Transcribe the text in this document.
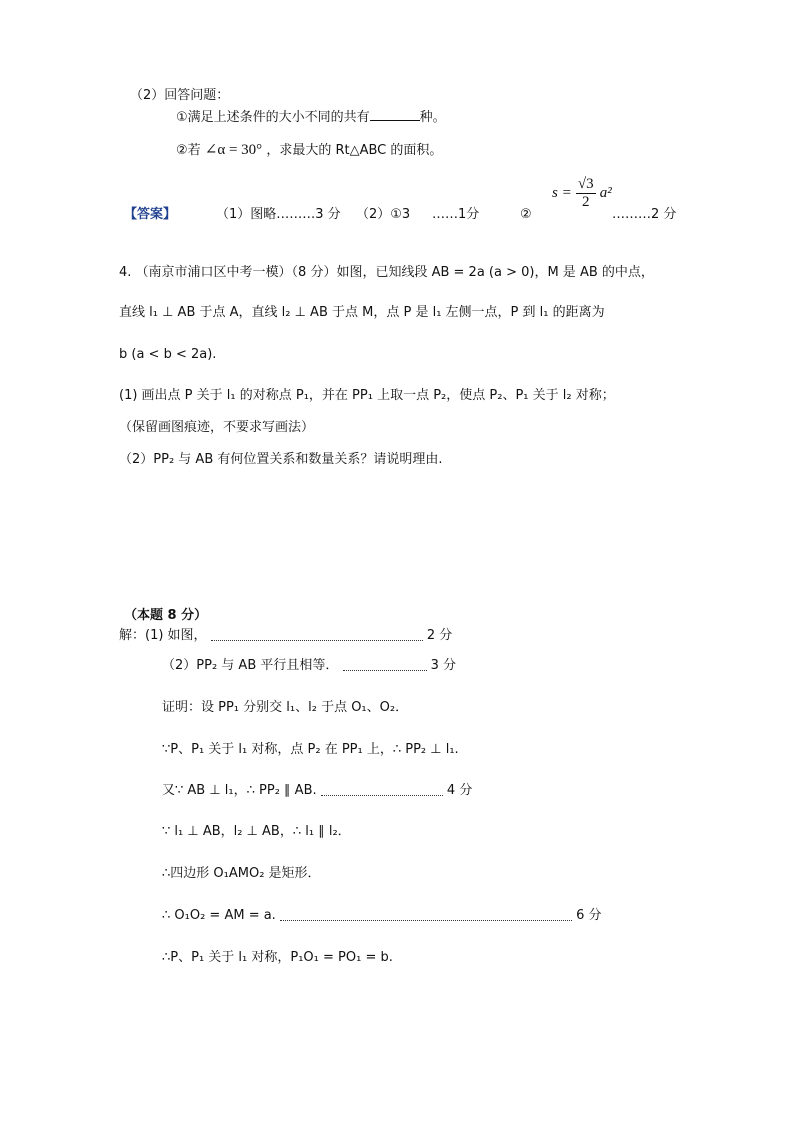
（2）回答问题：
①满足上述条件的大小不同的共有	种。
②若 ∠α = 30° ，求最大的 Rt△ABC 的面积。
【答案】	（1）图略………3 分 （2）①3 ……1分	②
$s = \frac{√3}{2} a^2$
………2 分
4. （南京市浦口区中考一模）（8 分）如图，已知线段 AB = 2a (a > 0)，M 是 AB 的中点，
直线 l₁ ⊥ AB 于点 A，直线 l₂ ⊥ AB 于点 M，点 P 是 l₁ 左侧一点，P 到 l₁ 的距离为
b (a < b < 2a).
(1) 画出点 P 关于 l₁ 的对称点 P₁，并在 PP₁ 上取一点 P₂，使点 P₂、P₁ 关于 l₂ 对称；
（保留画图痕迹，不要求写画法）
（2）PP₂ 与 AB 有何位置关系和数量关系？请说明理由.
（本题 8 分）
解：(1) 如图，	2 分
（2）PP₂ 与 AB 平行且相等．	3 分
证明：设 PP₁ 分别交 l₁、l₂ 于点 O₁、O₂．
∵P、P₁ 关于 l₁ 对称，点 P₂ 在 PP₁ 上，∴ PP₂ ⊥ l₁.
又∵ AB ⊥ l₁，∴ PP₂ ∥ AB.	4 分
∵ l₁ ⊥ AB，l₂ ⊥ AB，∴ l₁ ∥ l₂．
∴四边形 O₁AMO₂ 是矩形．
∴ O₁O₂ = AM = a.	6 分
∴P、P₁ 关于 l₁ 对称，P₁O₁ = PO₁ = b.
